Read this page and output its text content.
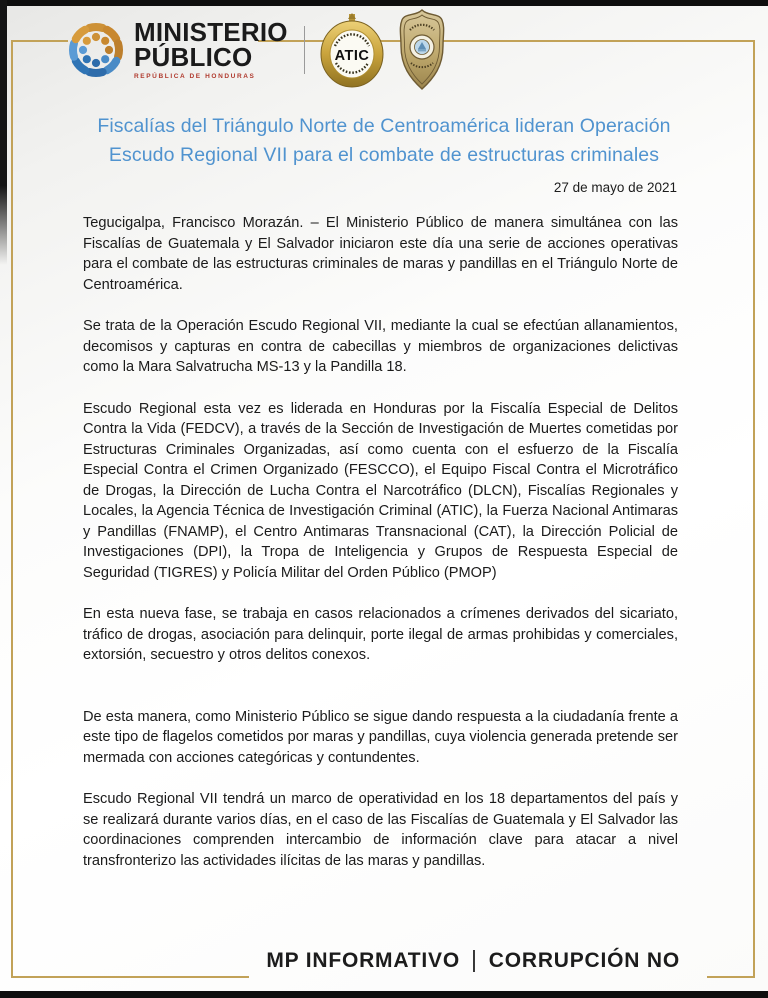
MINISTERIO
PÚBLICO
REPÚBLICA DE HONDURAS
ATIC
Fiscalías del Triángulo Norte de Centroamérica lideran Operación Escudo Regional VII para el combate de estructuras criminales
27 de mayo de 2021

Tegucigalpa, Francisco Morazán. – El Ministerio Público de manera simultánea con las Fiscalías de Guatemala y El Salvador iniciaron este día una serie de acciones operativas para el combate de las estructuras criminales de maras y pandillas en el Triángulo Norte de Centroamérica.

Se trata de la Operación Escudo Regional VII, mediante la cual se efectúan allanamientos, decomisos y capturas en contra de cabecillas y miembros de organizaciones delictivas como la Mara Salvatrucha MS-13 y la Pandilla 18.

Escudo Regional esta vez es liderada en Honduras por la Fiscalía Especial de Delitos Contra la Vida (FEDCV), a través de la Sección de Investigación de Muertes cometidas por Estructuras Criminales Organizadas, así como cuenta con el esfuerzo de la Fiscalía Especial Contra el Crimen Organizado (FESCCO), el Equipo Fiscal Contra el Microtráfico de Drogas, la Dirección de Lucha Contra el Narcotráfico (DLCN), Fiscalías Regionales y Locales, la Agencia Técnica de Investigación Criminal (ATIC), la Fuerza Nacional Antimaras y Pandillas (FNAMP), el Centro Antimaras Transnacional (CAT), la Dirección Policial de Investigaciones (DPI), la Tropa de Inteligencia y Grupos de Respuesta Especial de Seguridad (TIGRES) y Policía Militar del Orden Público (PMOP)

En esta nueva fase, se trabaja en casos relacionados a crímenes derivados del sicariato, tráfico de drogas, asociación para delinquir, porte ilegal de armas prohibidas y comerciales, extorsión, secuestro y otros delitos conexos.

De esta manera, como Ministerio Público se sigue dando respuesta a la ciudadanía frente a este tipo de flagelos cometidos por maras y pandillas, cuya violencia generada pretende ser mermada con acciones categóricas y contundentes.

Escudo Regional VII tendrá un marco de operatividad en los 18 departamentos del país y se realizará durante varios días, en el caso de las Fiscalías de Guatemala y El Salvador las coordinaciones comprenden intercambio de información clave para atacar a nivel transfronterizo las actividades ilícitas de las maras y pandillas.

MP INFORMATIVO | CORRUPCIÓN NO
